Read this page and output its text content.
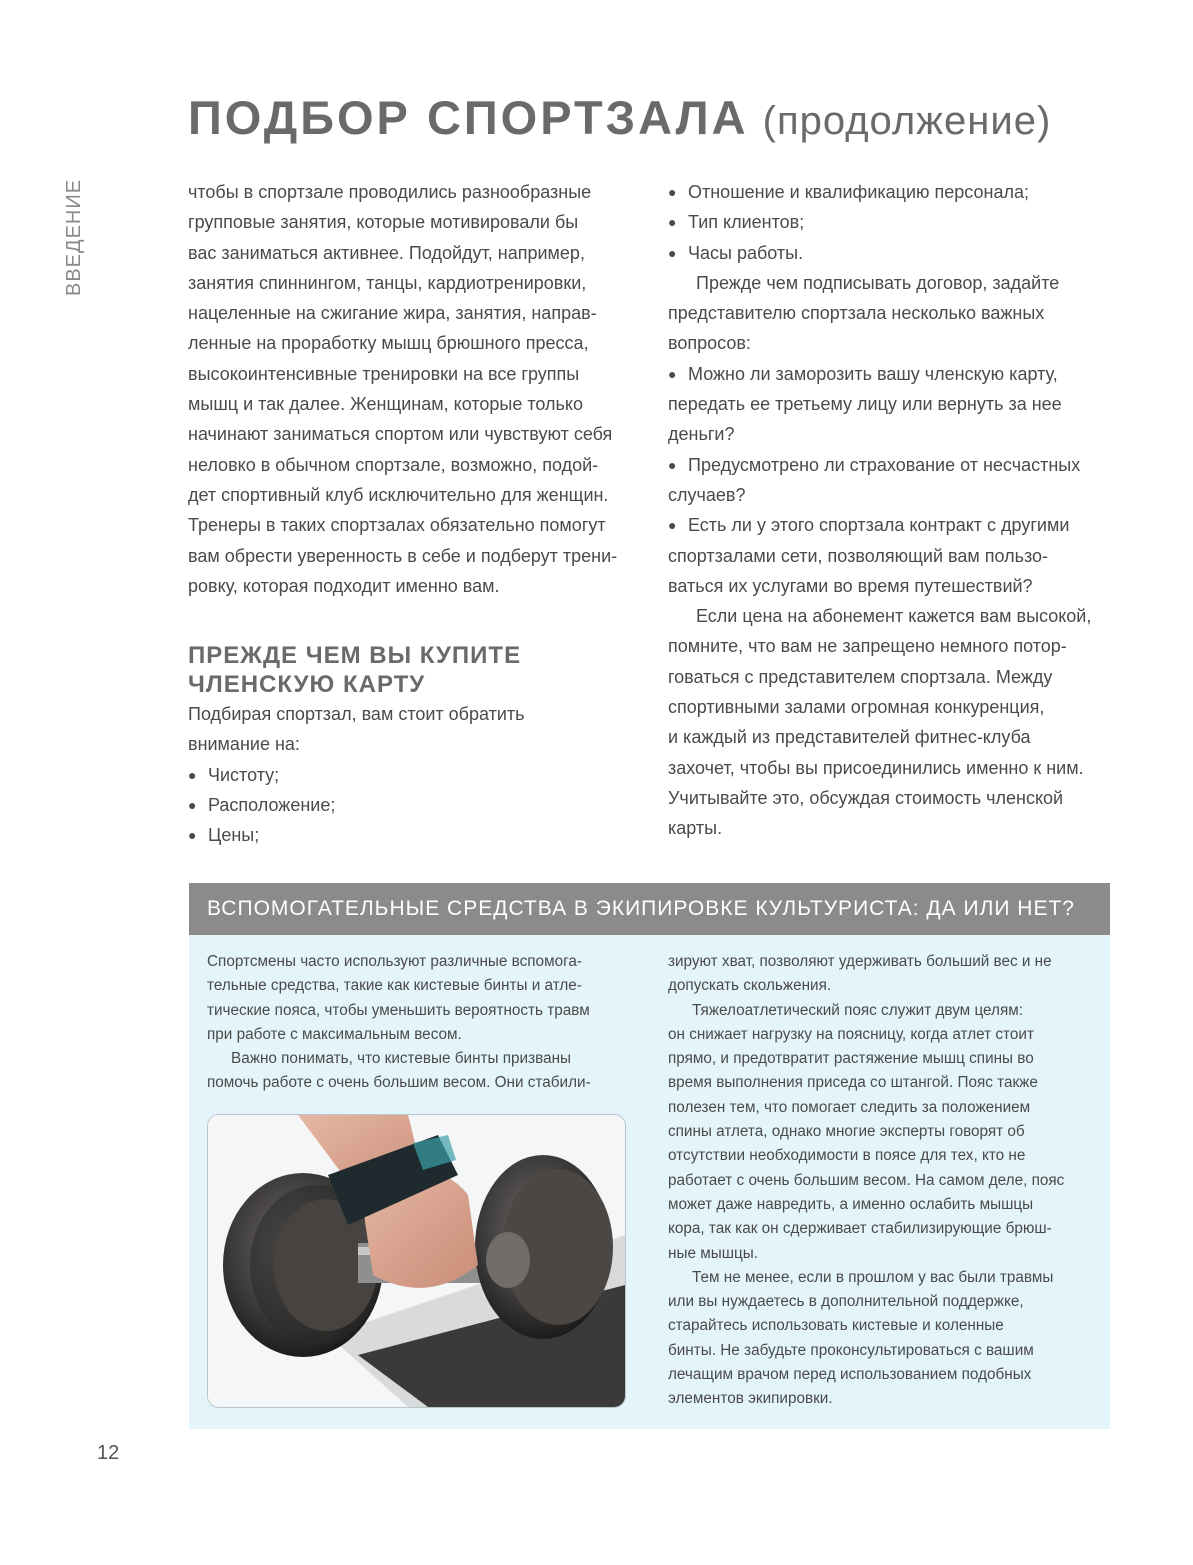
ВВЕДЕНИЕ
ПОДБОР СПОРТЗАЛА (продолжение)

чтобы в спортзале проводились разнообразные

групповые занятия, которые мотивировали бы

вас заниматься активнее. Подойдут, например,

занятия спиннингом, танцы, кардиотренировки,

нацеленные на сжигание жира, занятия, направ-

ленные на проработку мышц брюшного пресса,

высокоинтенсивные тренировки на все группы

мышц и так далее. Женщинам, которые только

начинают заниматься спортом или чувствуют себя

неловко в обычном спортзале, возможно, подой-

дет спортивный клуб исключительно для женщин.

Тренеры в таких спортзалах обязательно помогут

вам обрести уверенность в себе и подберут трени-

ровку, которая подходит именно вам.

ПРЕЖДЕ ЧЕМ ВЫ КУПИТЕ
ЧЛЕНСКУЮ КАРТУ

Подбирая спортзал, вам стоит обратить

внимание на:

● Чистоту;

● Расположение;

● Цены;

● Отношение и квалификацию персонала;

● Тип клиентов;

● Часы работы.

Прежде чем подписывать договор, задайте

представителю спортзала несколько важных

вопросов:

● Можно ли заморозить вашу членскую карту,

передать ее третьему лицу или вернуть за нее

деньги?

● Предусмотрено ли страхование от несчастных

случаев?

● Есть ли у этого спортзала контракт с другими

спортзалами сети, позволяющий вам пользо-

ваться их услугами во время путешествий?

Если цена на абонемент кажется вам высокой,

помните, что вам не запрещено немного потор-

говаться с представителем спортзала. Между

спортивными залами огромная конкуренция,

и каждый из представителей фитнес-клуба

захочет, чтобы вы присоединились именно к ним.

Учитывайте это, обсуждая стоимость членской

карты.

ВСПОМОГАТЕЛЬНЫЕ СРЕДСТВА В ЭКИПИРОВКЕ КУЛЬТУРИСТА: ДА ИЛИ НЕТ?

Спортсмены часто используют различные вспомога-

тельные средства, такие как кистевые бинты и атле-

тические пояса, чтобы уменьшить вероятность травм

при работе с максимальным весом.

Важно понимать, что кистевые бинты призваны

помочь работе с очень большим весом. Они стабили-

зируют хват, позволяют удерживать больший вес и не

допускать скольжения.

Тяжелоатлетический пояс служит двум целям:

он снижает нагрузку на поясницу, когда атлет стоит

прямо, и предотвратит растяжение мышц спины во

время выполнения приседа со штангой. Пояс также

полезен тем, что помогает следить за положением

спины атлета, однако многие эксперты говорят об

отсутствии необходимости в поясе для тех, кто не

работает с очень большим весом. На самом деле, пояс

может даже навредить, а именно ослабить мышцы

кора, так как он сдерживает стабилизирующие брюш-

ные мышцы.

Тем не менее, если в прошлом у вас были травмы

или вы нуждаетесь в дополнительной поддержке,

старайтесь использовать кистевые и коленные

бинты. Не забудьте проконсультироваться с вашим

лечащим врачом перед использованием подобных

элементов экипировки.

12
